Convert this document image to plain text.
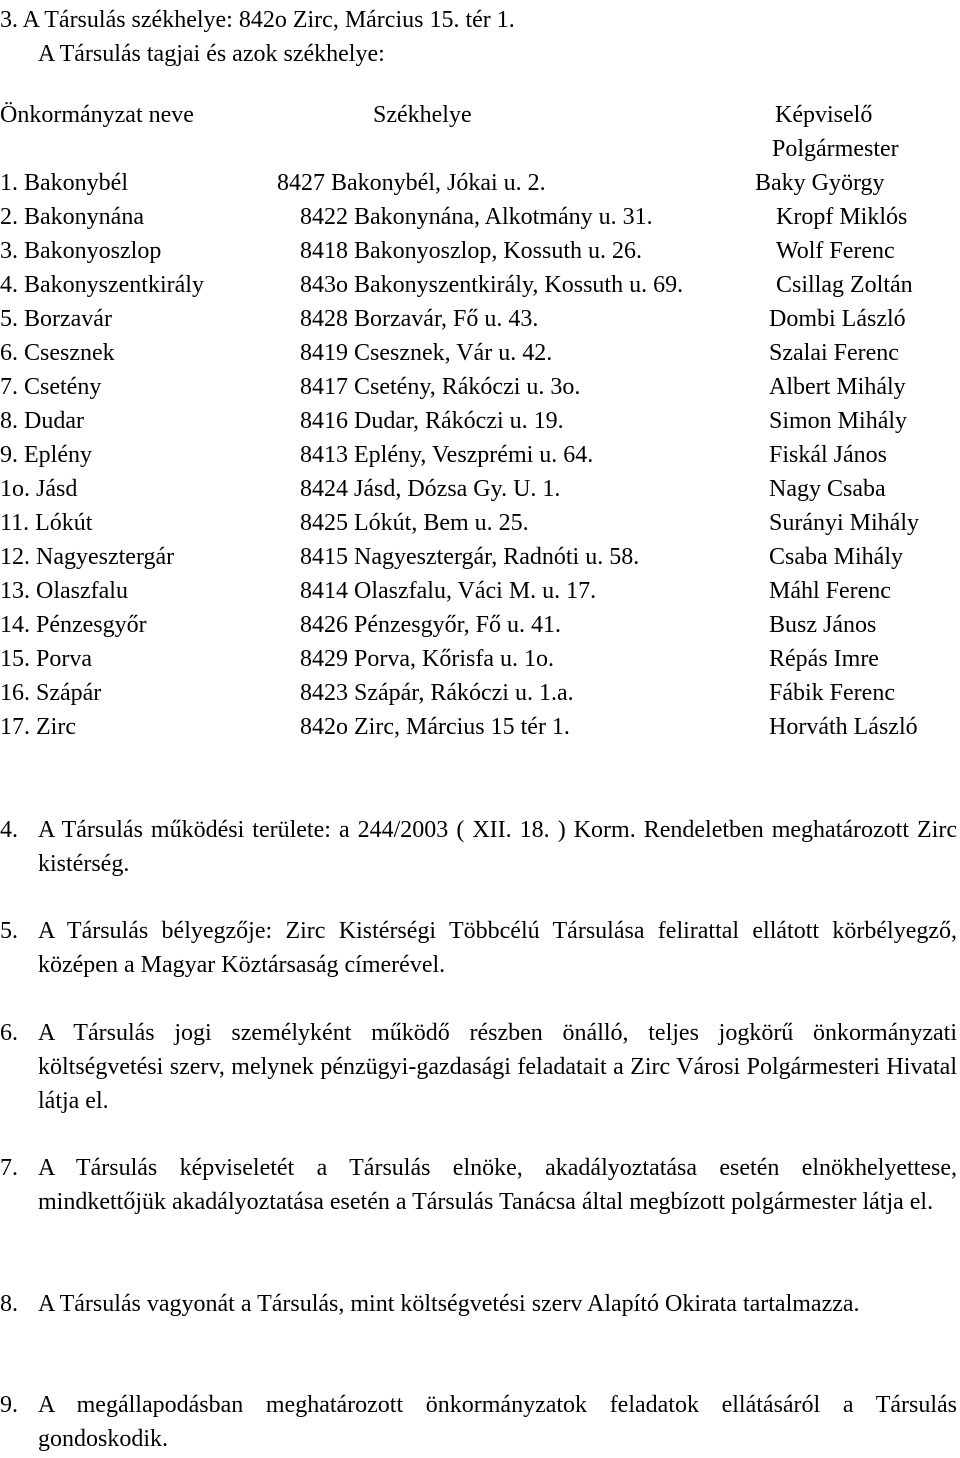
3. A Társulás székhelye: 842o Zirc, Március 15. tér 1.
A Társulás tagjai és azok székhelye:
Önkormányzat neve	Székhelye	Képviselő
Polgármester
1. Bakonybél	8427 Bakonybél, Jókai u. 2.	Baky György
2. Bakonynána	8422 Bakonynána, Alkotmány u. 31.	Kropf Miklós
3. Bakonyoszlop	8418 Bakonyoszlop, Kossuth u. 26.	Wolf Ferenc
4. Bakonyszentkirály	843o Bakonyszentkirály, Kossuth u. 69.	Csillag Zoltán
5. Borzavár	8428 Borzavár, Fő u. 43.	Dombi László
6. Csesznek	8419 Csesznek, Vár u. 42.	Szalai Ferenc
7. Csetény	8417 Csetény, Rákóczi u. 3o.	Albert Mihály
8. Dudar	8416 Dudar, Rákóczi u. 19.	Simon Mihály
9. Eplény	8413 Eplény, Veszprémi u. 64.	Fiskál János
1o. Jásd	8424 Jásd, Dózsa Gy. U. 1.	Nagy Csaba
11. Lókút	8425 Lókút, Bem u. 25.	Surányi Mihály
12. Nagyesztergár	8415 Nagyesztergár, Radnóti u. 58.	Csaba Mihály
13. Olaszfalu	8414 Olaszfalu, Váci M. u. 17.	Máhl Ferenc
14. Pénzesgyőr	8426 Pénzesgyőr, Fő u. 41.	Busz János
15. Porva	8429 Porva, Kőrisfa u. 1o.	Répás Imre
16. Szápár	8423 Szápár, Rákóczi u. 1.a.	Fábik Ferenc
17. Zirc	842o Zirc, Március 15 tér 1.	Horváth László
4. A Társulás működési területe: a 244/2003 ( XII. 18. ) Korm. Rendeletben meghatározott Zirc kistérség.
5. A Társulás bélyegzője: Zirc Kistérségi Többcélú Társulása felirattal ellátott körbélyegző, középen a Magyar Köztársaság címerével.
6. A Társulás jogi személyként működő részben önálló, teljes jogkörű önkormányzati költségvetési szerv, melynek pénzügyi-gazdasági feladatait a Zirc Városi Polgármesteri Hivatal látja el.
7. A Társulás képviseletét a Társulás elnöke, akadályoztatása esetén elnökhelyettese, mindkettőjük akadályoztatása esetén a Társulás Tanácsa által megbízott polgármester látja el.
8. A Társulás vagyonát a Társulás, mint költségvetési szerv Alapító Okirata tartalmazza.
9. A megállapodásban meghatározott önkormányzatok feladatok ellátásáról a Társulás gondoskodik.
